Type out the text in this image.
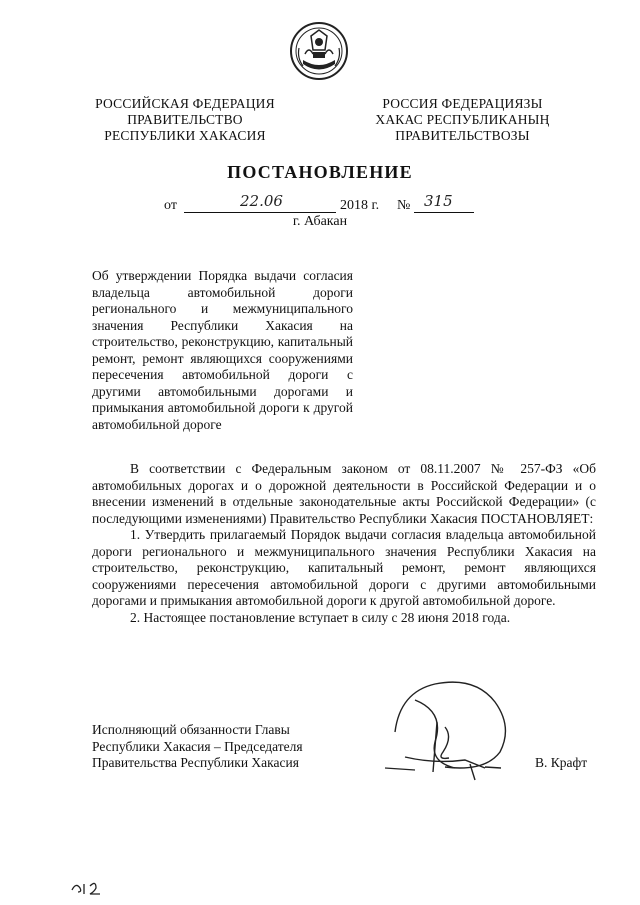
РОССИЙСКАЯ ФЕДЕРАЦИЯ
ПРАВИТЕЛЬСТВО
РЕСПУБЛИКИ ХАКАСИЯ
РОССИЯ ФЕДЕРАЦИЯЗЫ
ХАКАС РЕСПУБЛИКАНЫҢ
ПРАВИТЕЛЬСТВОЗЫ
ПОСТАНОВЛЕНИЕ
от	22.06	2018 г. № 315
г. Абакан
Об утверждении Порядка выдачи согласия владельца автомобильной дороги регионального и межмуниципального значения Республики Хакасия на строительство, реконструкцию, капитальный ремонт, ремонт являющихся сооружениями пересечения автомобильной дороги с другими автомобильными дорогами и примыкания автомобильной дороги к другой автомобильной дороге

В соответствии с Федеральным законом от 08.11.2007 № 257-ФЗ «Об автомобильных дорогах и о дорожной деятельности в Российской Федерации и о внесении изменений в отдельные законодательные акты Российской Федерации» (с последующими изменениями) Правительство Республики Хакасия ПОСТАНОВЛЯЕТ:

1. Утвердить прилагаемый Порядок выдачи согласия владельца автомобильной дороги регионального и межмуниципального значения Республики Хакасия на строительство, реконструкцию, капитальный ремонт, ремонт являющихся сооружениями пересечения автомобильной дороги с другими автомобильными дорогами и примыкания автомобильной дороги к другой автомобильной дороге.

2. Настоящее постановление вступает в силу с 28 июня 2018 года.

Исполняющий обязанности Главы
Республики Хакасия – Председателя
Правительства Республики Хакасия	В. Крафт
